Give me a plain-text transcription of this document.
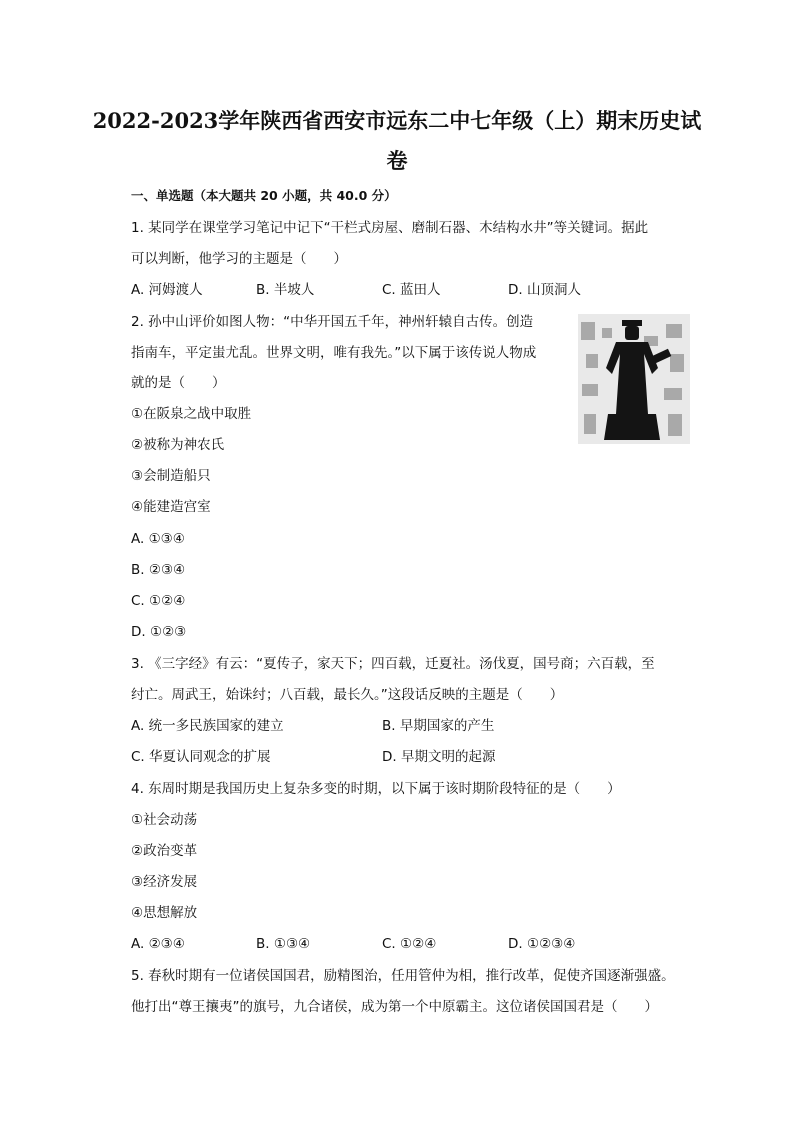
2022-2023学年陕西省西安市远东二中七年级（上）期末历史试
卷
一、单选题（本大题共 20 小题，共 40.0 分）
1. 某同学在课堂学习笔记中记下“干栏式房屋、磨制石器、木结构水井”等关键词。据此
可以判断，他学习的主题是（　　）
A. 河姆渡人	B. 半坡人	C. 蓝田人	D. 山顶洞人
2. 孙中山评价如图人物：“中华开国五千年，神州轩辕自古传。创造
指南车，平定蚩尤乱。世界文明，唯有我先。”以下属于该传说人物成
就的是（　　）
①在阪泉之战中取胜
②被称为神农氏
③会制造船只
④能建造宫室
A. ①③④
B. ②③④
C. ①②④
D. ①②③
3. 《三字经》有云：“夏传子，家天下；四百载，迁夏社。汤伐夏，国号商；六百载，至
纣亡。周武王，始诛纣；八百载，最长久。”这段话反映的主题是（　　）
A. 统一多民族国家的建立	B. 早期国家的产生
C. 华夏认同观念的扩展	D. 早期文明的起源
4. 东周时期是我国历史上复杂多变的时期，以下属于该时期阶段特征的是（　　）
①社会动荡
②政治变革
③经济发展
④思想解放
A. ②③④	B. ①③④	C. ①②④	D. ①②③④
5. 春秋时期有一位诸侯国国君，励精图治，任用管仲为相，推行改革，促使齐国逐渐强盛。
他打出“尊王攘夷”的旗号，九合诸侯，成为第一个中原霸主。这位诸侯国国君是（　　）
